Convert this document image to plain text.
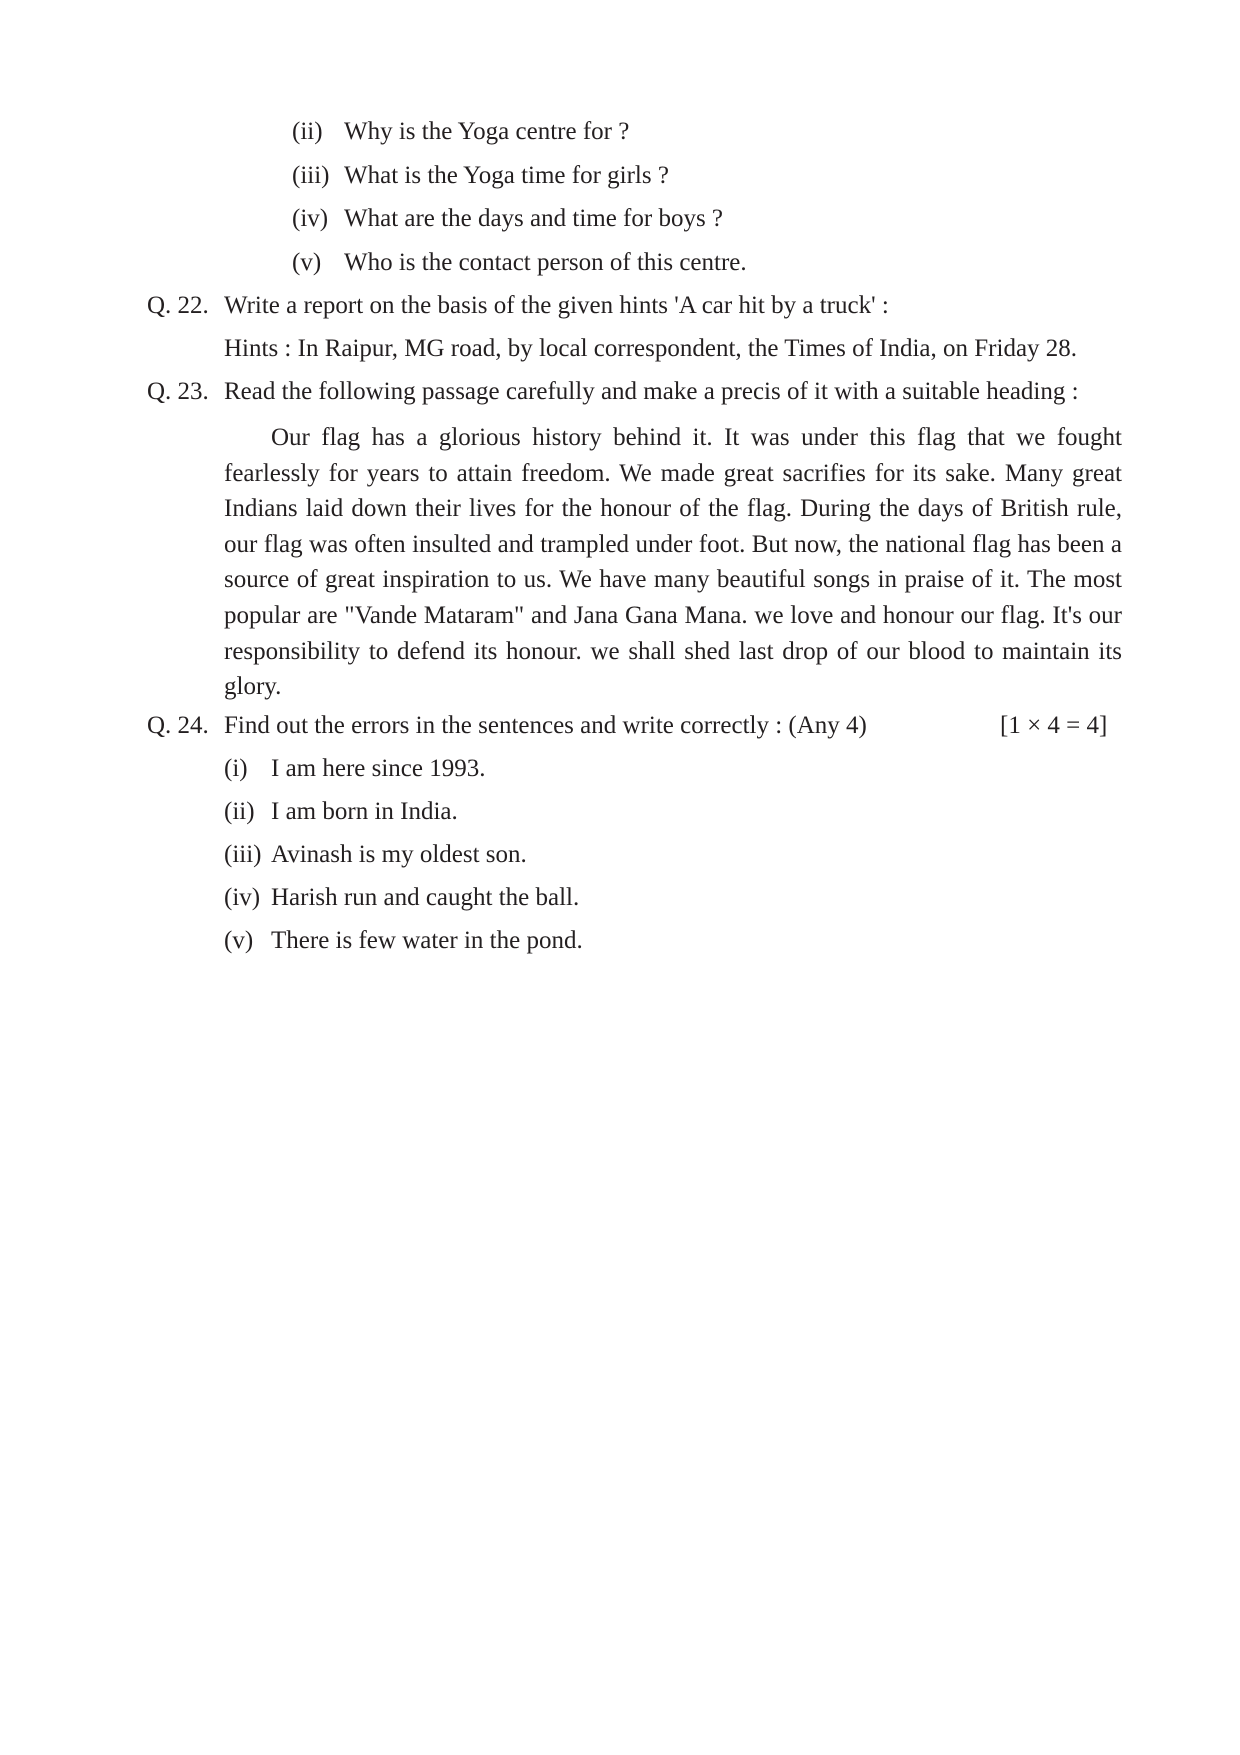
(ii) Why is the Yoga centre for ?
(iii) What is the Yoga time for girls ?
(iv) What are the days and time for boys ?
(v) Who is the contact person of this centre.
Q. 22. Write a report on the basis of the given hints 'A car hit by a truck' :
Hints : In Raipur, MG road, by local correspondent, the Times of India, on Friday 28.
Q. 23. Read the following passage carefully and make a precis of it with a suitable heading :

Our flag has a glorious history behind it. It was under this flag that we fought fearlessly for years to attain freedom. We made great sacrifies for its sake. Many great Indians laid down their lives for the honour of the flag. During the days of British rule, our flag was often insulted and trampled under foot. But now, the national flag has been a source of great inspiration to us. We have many beautiful songs in praise of it. The most popular are "Vande Mataram" and Jana Gana Mana. we love and honour our flag. It's our responsibility to defend its honour. we shall shed last drop of our blood to maintain its glory.

Q. 24. Find out the errors in the sentences and write correctly : (Any 4)	[1 × 4 = 4]
(i) I am here since 1993.
(ii) I am born in India.
(iii) Avinash is my oldest son.
(iv) Harish run and caught the ball.
(v) There is few water in the pond.
